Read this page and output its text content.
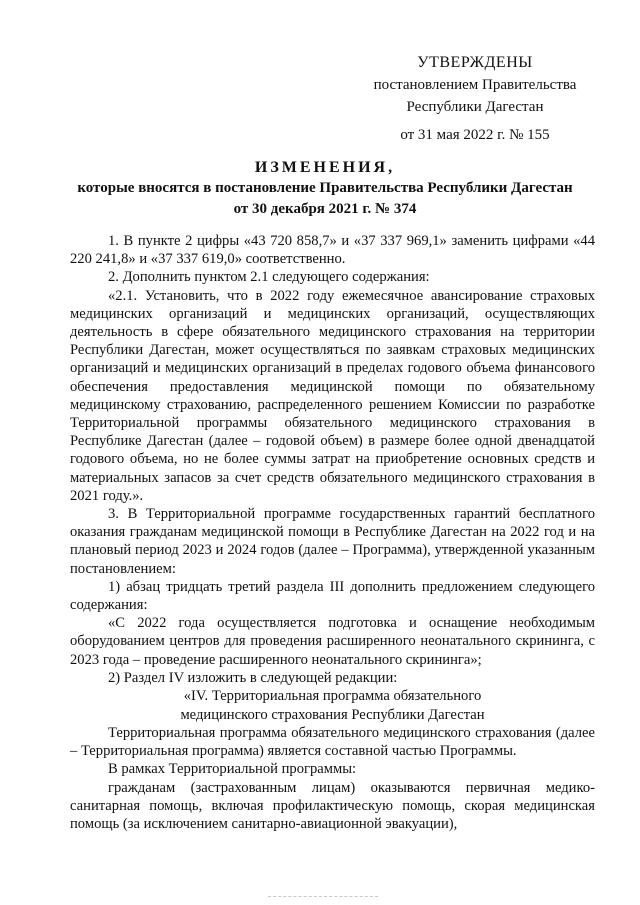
УТВЕРЖДЕНЫ
постановлением Правительства
Республики Дагестан
от 31 мая 2022 г. № 155
ИЗМЕНЕНИЯ,
которые вносятся в постановление Правительства Республики Дагестан
от 30 декабря 2021 г. № 374

1. В пункте 2 цифры «43 720 858,7» и «37 337 969,1» заменить цифрами «44 220 241,8» и «37 337 619,0» соответственно.

2. Дополнить пунктом 2.1 следующего содержания:

«2.1. Установить, что в 2022 году ежемесячное авансирование страховых медицинских организаций и медицинских организаций, осуществляющих деятельность в сфере обязательного медицинского страхования на территории Республики Дагестан, может осуществляться по заявкам страховых медицинских организаций и медицинских организаций в пределах годового объема финансового обеспечения предоставления медицинской помощи по обязательному медицинскому страхованию, распределенного решением Комиссии по разработке Территориальной программы обязательного медицинского страхования в Республике Дагестан (далее – годовой объем) в размере более одной двенадцатой годового объема, но не более суммы затрат на приобретение основных средств и материальных запасов за счет средств обязательного медицинского страхования в 2021 году.».

3. В Территориальной программе государственных гарантий бесплатного оказания гражданам медицинской помощи в Республике Дагестан на 2022 год и на плановый период 2023 и 2024 годов (далее – Программа), утвержденной указанным постановлением:

1) абзац тридцать третий раздела III дополнить предложением следующего содержания:

«С 2022 года осуществляется подготовка и оснащение необходимым оборудованием центров для проведения расширенного неонатального скрининга, с 2023 года – проведение расширенного неонатального скрининга»;

2) Раздел IV изложить в следующей редакции:

«IV. Территориальная программа обязательного
медицинского страхования Республики Дагестан

Территориальная программа обязательного медицинского страхования (далее – Территориальная программа) является составной частью Программы.

В рамках Территориальной программы:

гражданам (застрахованным лицам) оказываются первичная медико-санитарная помощь, включая профилактическую помощь, скорая медицинская помощь (за исключением санитарно-авиационной эвакуации),
